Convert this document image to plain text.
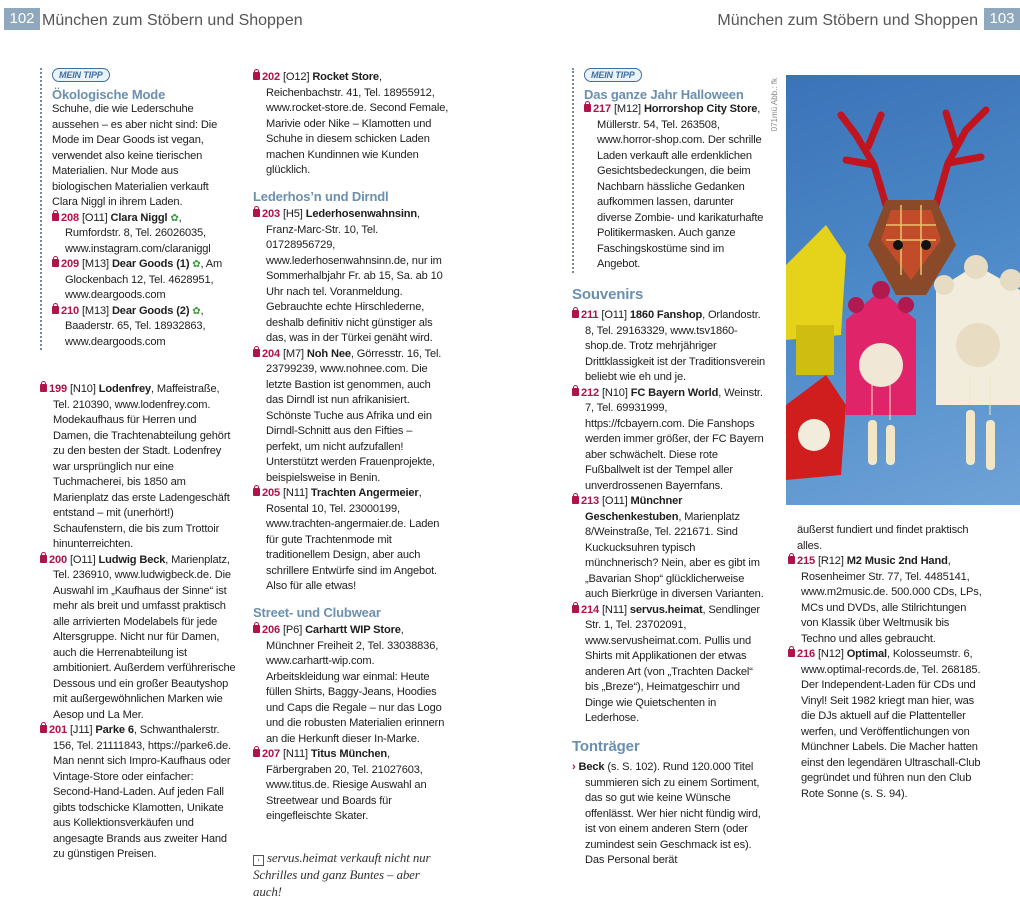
102 München zum Stöbern und Shoppen	München zum Stöbern und Shoppen 103
MEIN TIPP
Ökologische Mode

Schuhe, die wie Lederschuhe aussehen – es aber nicht sind: Die Mode im Dear Goods ist vegan, verwendet also keine tierischen Materialien. Nur Mode aus biologischen Materialien verkauft Clara Niggl in ihrem Laden.

208 [O11] Clara Niggl ✿, Rumfordstr. 8, Tel. 26026035, www.instagram.com/claraniggl

209 [M13] Dear Goods (1) ✿, Am Glockenbach 12, Tel. 4628951, www.deargoods.com

210 [M13] Dear Goods (2) ✿, Baaderstr. 65, Tel. 18932863, www.deargoods.com

199 [N10] Lodenfrey, Maffeistraße, Tel. 210390, www.lodenfrey.com. Modekaufhaus für Herren und Damen, die Trachtenabteilung gehört zu den besten der Stadt. Lodenfrey war ursprünglich nur eine Tuchmacherei, bis 1850 am Marienplatz das erste Ladengeschäft entstand – mit (unerhört!) Schaufenstern, die bis zum Trottoir hinunterreichten.

200 [O11] Ludwig Beck, Marienplatz, Tel. 236910, www.ludwigbeck.de. Die Auswahl im „Kaufhaus der Sinne“ ist mehr als breit und umfasst praktisch alle arrivierten Modelabels für jede Altersgruppe. Nicht nur für Damen, auch die Herrenabteilung ist ambitioniert. Außerdem verführerische Dessous und ein großer Beautyshop mit außergewöhnlichen Marken wie Aesop und La Mer.

201 [J11] Parke 6, Schwanthalerstr. 156, Tel. 21111843, https://parke6.de. Man nennt sich Impro-Kaufhaus oder Vintage-Store oder einfacher: Second-Hand-Laden. Auf jeden Fall gibts todschicke Klamotten, Unikate aus Kollektionsverkäufen und angesagte Brands aus zweiter Hand zu günstigen Preisen.

202 [O12] Rocket Store, Reichenbachstr. 41, Tel. 18955912, www.rocket-store.de. Second Female, Marivie oder Nike – Klamotten und Schuhe in diesem schicken Laden machen Kundinnen wie Kunden glücklich.

Lederhos’n und Dirndl

203 [H5] Lederhosenwahnsinn, Franz-Marc-Str. 10, Tel. 01728956729, www.lederhosenwahnsinn.de, nur im Sommerhalbjahr Fr. ab 15, Sa. ab 10 Uhr nach tel. Voranmeldung. Gebrauchte echte Hirschlederne, deshalb definitiv nicht günstiger als das, was in der Türkei genäht wird.

204 [M7] Noh Nee, Görresstr. 16, Tel. 23799239, www.nohnee.com. Die letzte Bastion ist genommen, auch das Dirndl ist nun afrikanisiert. Schönste Tuche aus Afrika und ein Dirndl-Schnitt aus den Fifties – perfekt, um nicht aufzufallen! Unterstützt werden Frauenprojekte, beispielsweise in Benin.

205 [N11] Trachten Angermeier, Rosental 10, Tel. 23000199, www.trachten-angermaier.de. Laden für gute Trachtenmode mit traditionellem Design, aber auch schrillere Entwürfe sind im Angebot. Also für alle etwas!

Street- und Clubwear

206 [P6] Carhartt WIP Store, Münchner Freiheit 2, Tel. 33038836, www.carhartt-wip.com. Arbeitskleidung war einmal: Heute füllen Shirts, Baggy-Jeans, Hoodies und Caps die Regale – nur das Logo und die robusten Materialien erinnern an die Herkunft dieser In-Marke.

207 [N11] Titus München, Färbergraben 20, Tel. 21027603, www.titus.de. Riesige Auswahl an Streetwear und Boards für eingefleischte Skater.

› servus.heimat verkauft nicht nur Schrilles und ganz Buntes – aber auch!

MEIN TIPP
Das ganze Jahr Halloween

217 [M12] Horrorshop City Store, Müllerstr. 54, Tel. 263508, www.horror-shop.com. Der schrille Laden verkauft alle erdenklichen Gesichtsbedeckungen, die beim Nachbarn hässliche Gedanken aufkommen lassen, darunter diverse Zombie- und karikaturhafte Politikermasken. Auch ganze Faschingskostüme sind im Angebot.

Souvenirs

211 [O11] 1860 Fanshop, Orlandostr. 8, Tel. 29163329, www.tsv1860-shop.de. Trotz mehrjähriger Drittklassigkeit ist der Traditionsverein beliebt wie eh und je.

212 [N10] FC Bayern World, Weinstr. 7, Tel. 69931999, https://fcbayern.com. Die Fanshops werden immer größer, der FC Bayern aber schwächelt. Diese rote Fußballwelt ist der Tempel aller unverdrossenen Bayernfans.

213 [O11] Münchner Geschenkestuben, Marienplatz 8/Weinstraße, Tel. 221671. Sind Kuckucksuhren typisch münchnerisch? Nein, aber es gibt im „Bavarian Shop“ glücklicherweise auch Bierkrüge in diversen Varianten.

214 [N11] servus.heimat, Sendlinger Str. 1, Tel. 23702091, www.servusheimat.com. Pullis und Shirts mit Applikationen der etwas anderen Art (von „Trachten Dackel“ bis „Breze“), Heimatgeschirr und Dinge wie Quietschenten in Lederhose.

Tonträger

› Beck (s. S. 102). Rund 120.000 Titel summieren sich zu einem Sortiment, das so gut wie keine Wünsche offenlässt. Wer hier nicht fündig wird, ist von einem anderen Stern (oder zumindest sein Geschmack ist es). Das Personal berät

071mü Abb.: fk

äußerst fundiert und findet praktisch alles.

215 [R12] M2 Music 2nd Hand, Rosenheimer Str. 77, Tel. 4485141, www.m2music.de. 500.000 CDs, LPs, MCs und DVDs, alle Stilrichtungen von Klassik über Weltmusik bis Techno und alles gebraucht.

216 [N12] Optimal, Kolosseumstr. 6, www.optimal-records.de, Tel. 268185. Der Independent-Laden für CDs und Vinyl! Seit 1982 kriegt man hier, was die DJs aktuell auf die Plattenteller werfen, und Veröffentlichungen von Münchner Labels. Die Macher hatten einst den legendären Ultraschall-Club gegründet und führen nun den Club Rote Sonne (s. S. 94).
